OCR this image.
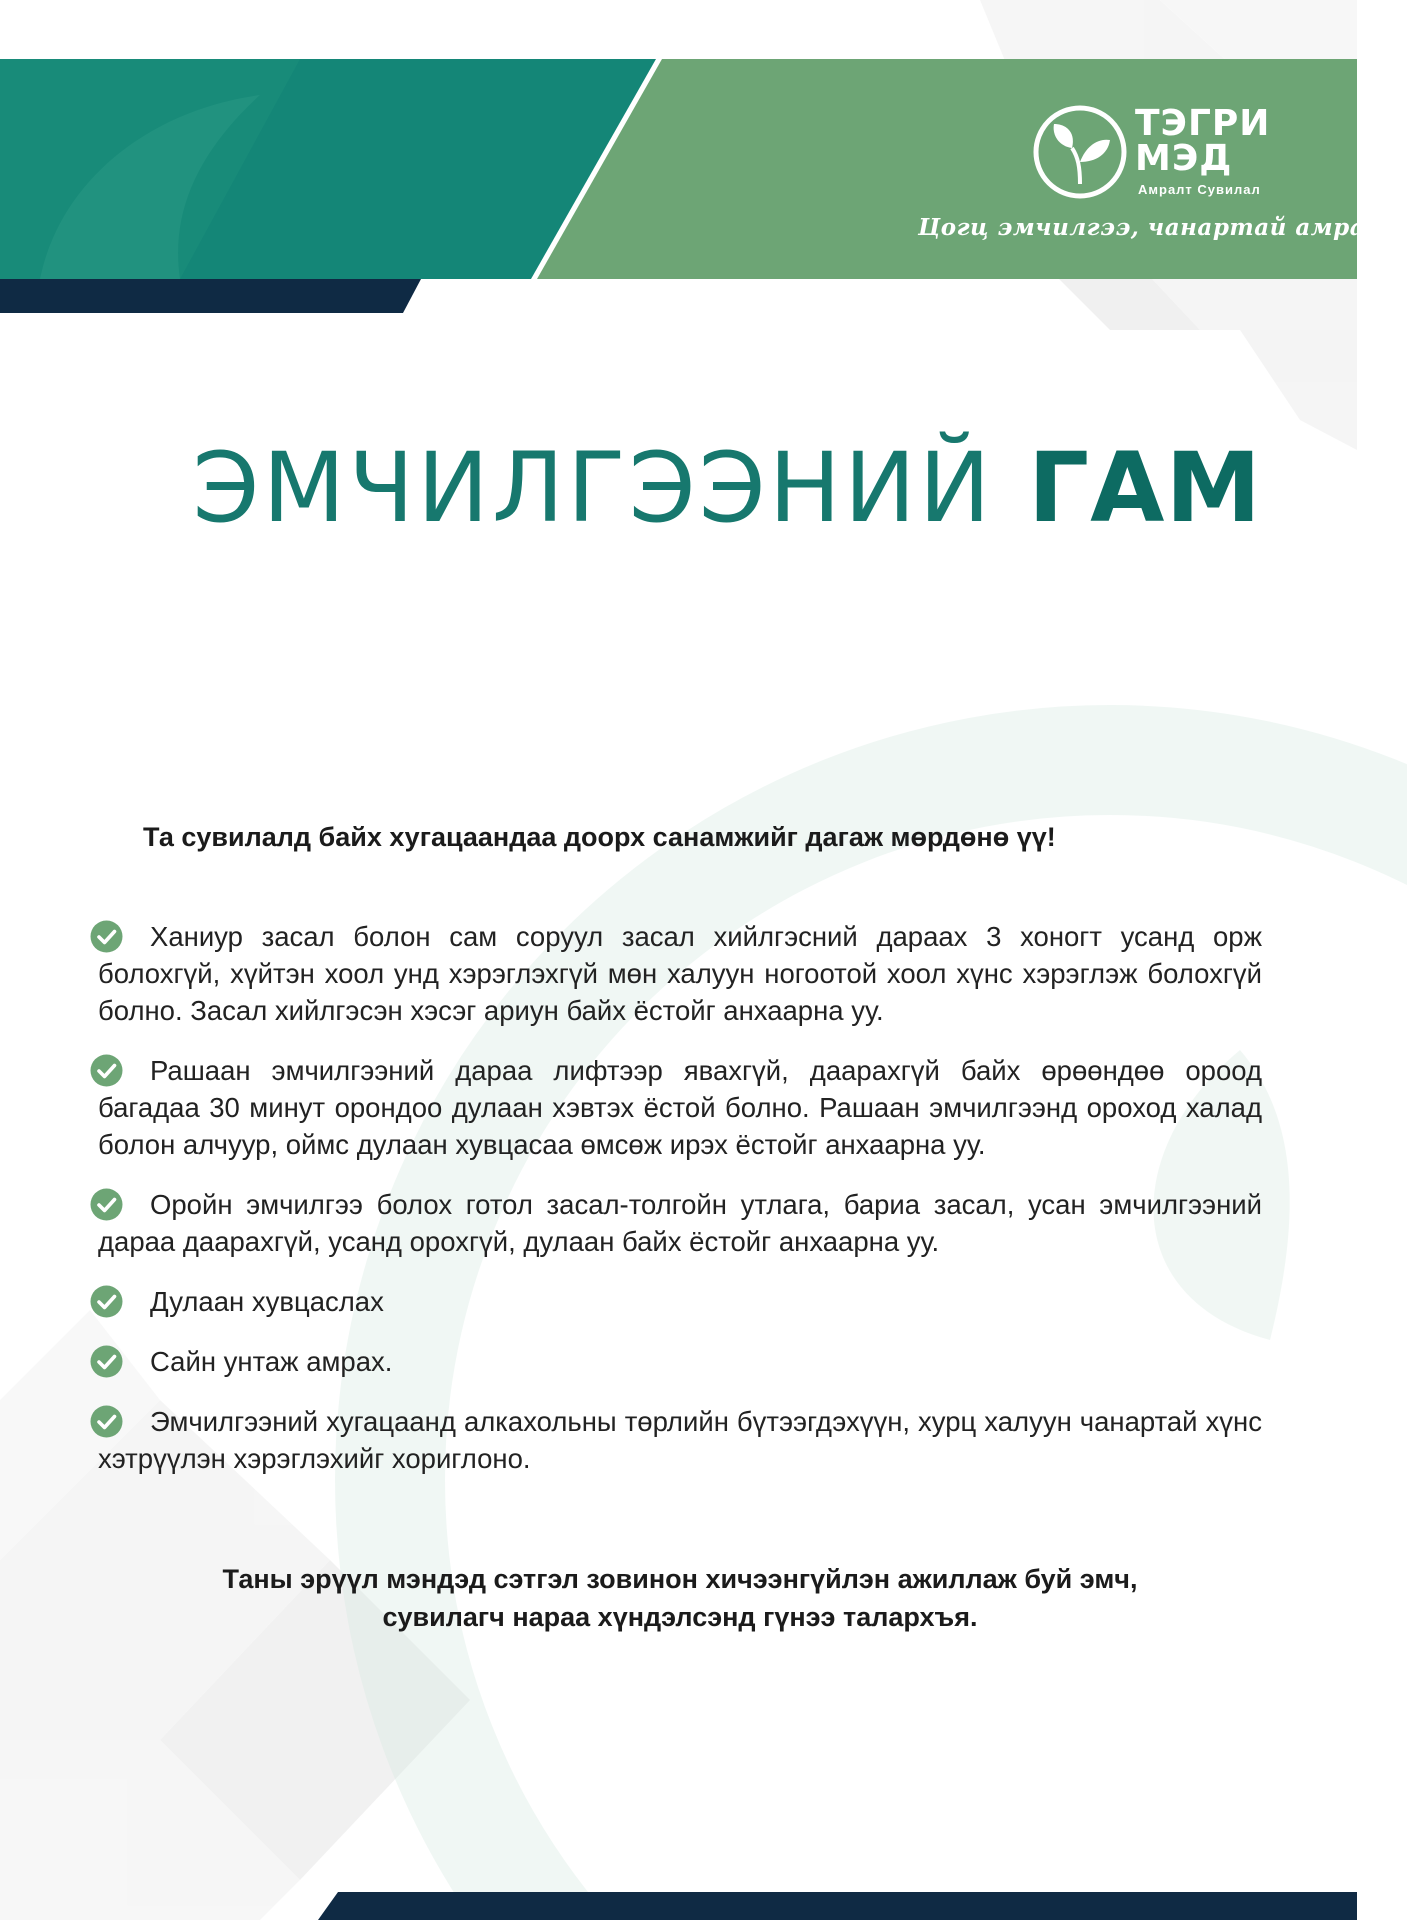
ТЭГРИ
МЭД
Амралт Сувилал
Цогц эмчилгээ, чанартай амралт
ЭМЧИЛГЭЭНИЙ ГАМ

Та сувилалд байх хугацаандаа доорх санамжийг дагаж мөрдөнө үү!

Ханиур засал болон сам соруул засал хийлгэсний дараах 3 хоногт усанд орж болохгүй, хүйтэн хоол унд хэрэглэхгүй мөн халуун ногоотой хоол хүнс хэрэглэж болохгүй болно. Засал хийлгэсэн хэсэг ариун байх ёстойг анхаарна уу.
Рашаан эмчилгээний дараа лифтээр явахгүй, даарахгүй байх өрөөндөө ороод багадаа 30 минут орондоо дулаан хэвтэх ёстой болно. Рашаан эмчилгээнд ороход халад болон алчуур, оймс дулаан хувцасаа өмсөж ирэх ёстойг анхаарна уу.
Оройн эмчилгээ болох готол засал-толгойн утлага, бариа засал, усан эмчилгээний дараа даарахгүй, усанд орохгүй, дулаан байх ёстойг анхаарна уу.
Дулаан хувцаслах
Сайн унтаж амрах.
Эмчилгээний хугацаанд алкахольны төрлийн бүтээгдэхүүн, хурц халуун чанартай хүнс хэтрүүлэн хэрэглэхийг хориглоно.

Таны эрүүл мэндэд сэтгэл зовинон хичээнгүйлэн ажиллаж буй эмч,
сувилагч нараа хүндэлсэнд гүнээ талархъя.
